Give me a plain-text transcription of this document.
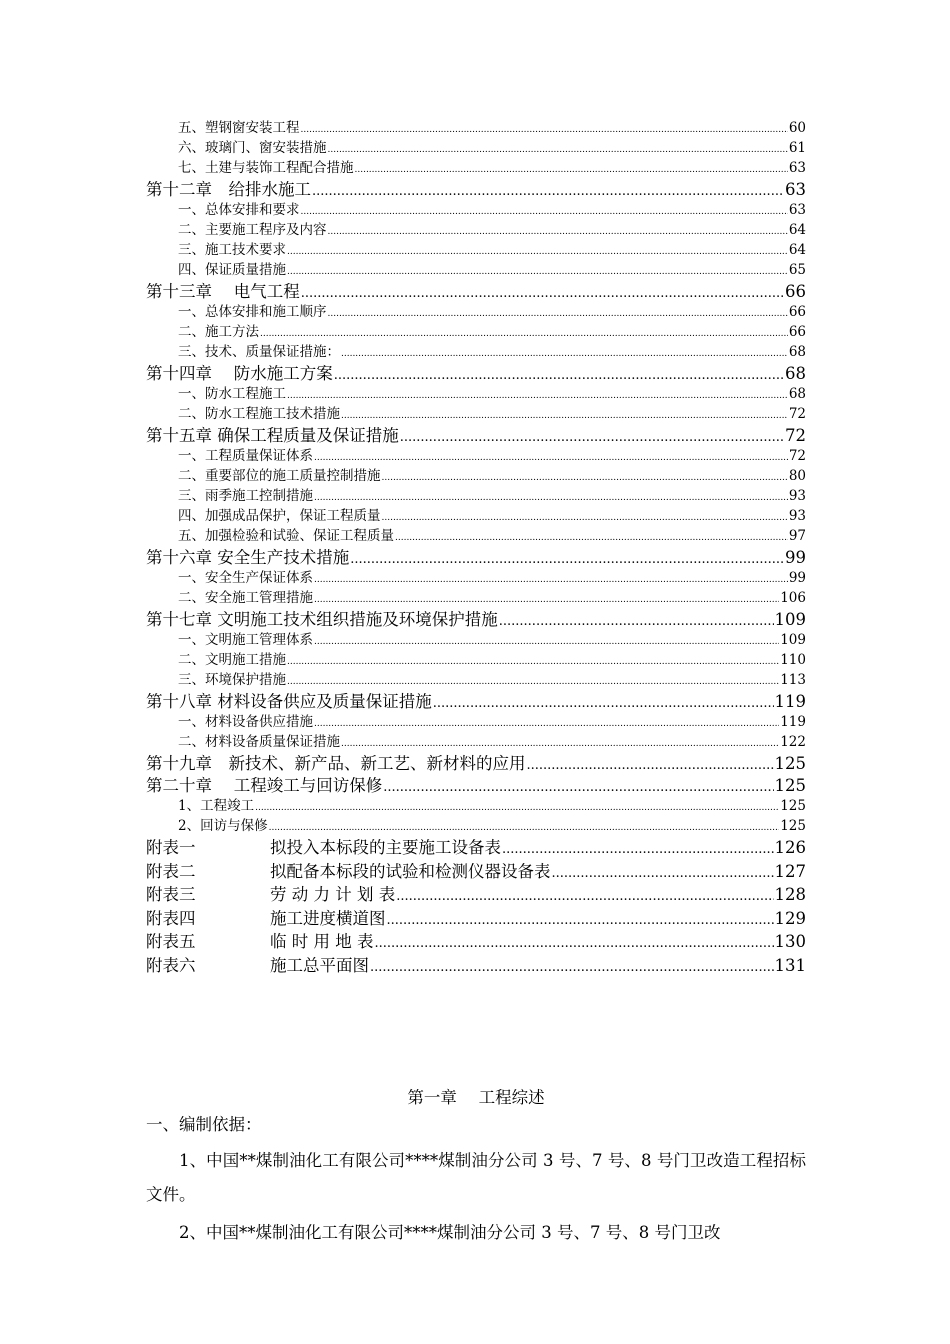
五、塑钢窗安装工程 .....	60
六、玻璃门、窗安装措施 .....	61
七、土建与装饰工程配合措施 .....	63
第十二章　给排水施工 .....	63
一、总体安排和要求 .....	63
二、主要施工程序及内容 .....	64
三、施工技术要求 .....	64
四、保证质量措施 .....	65
第十三章　 电气工程 .....	66
一、总体安排和施工顺序 .....	66
二、施工方法 .....	66
三、技术、质量保证措施： .....	68
第十四章　 防水施工方案 .....	68
一、防水工程施工 .....	68
二、防水工程施工技术措施 .....	72
第十五章 确保工程质量及保证措施 .....	72
一、工程质量保证体系 .....	72
二、重要部位的施工质量控制措施 .....	80
三、雨季施工控制措施 .....	93
四、加强成品保护，保证工程质量 .....	93
五、加强检验和试验、保证工程质量 .....	97
第十六章 安全生产技术措施 .....	99
一、安全生产保证体系 .....	99
二、安全施工管理措施 .....	106
第十七章 文明施工技术组织措施及环境保护措施 .....	109
一、文明施工管理体系 .....	109
二、文明施工措施 .....	110
三、环境保护措施 .....	113
第十八章 材料设备供应及质量保证措施 .....	119
一、材料设备供应措施 .....	119
二、材料设备质量保证措施 .....	122
第十九章　新技术、新产品、新工艺、新材料的应用 .....	125
第二十章　 工程竣工与回访保修 .....	125
1、工程竣工 .....	125
2、回访与保修 .....	125
附表一	拟投入本标段的主要施工设备表 .....	126
附表二	拟配备本标段的试验和检测仪器设备表 .....	127
附表三	劳 动 力 计 划 表 .....	128
附表四	施工进度横道图 .....	129
附表五	临 时 用 地 表 .....	130
附表六	施工总平面图 .....	131
第一章　 工程综述
一、编制依据：

1、中国**煤制油化工有限公司****煤制油分公司 3 号、7 号、8 号门卫改造工程招标文件。

2、中国**煤制油化工有限公司****煤制油分公司 3 号、7 号、8 号门卫改
